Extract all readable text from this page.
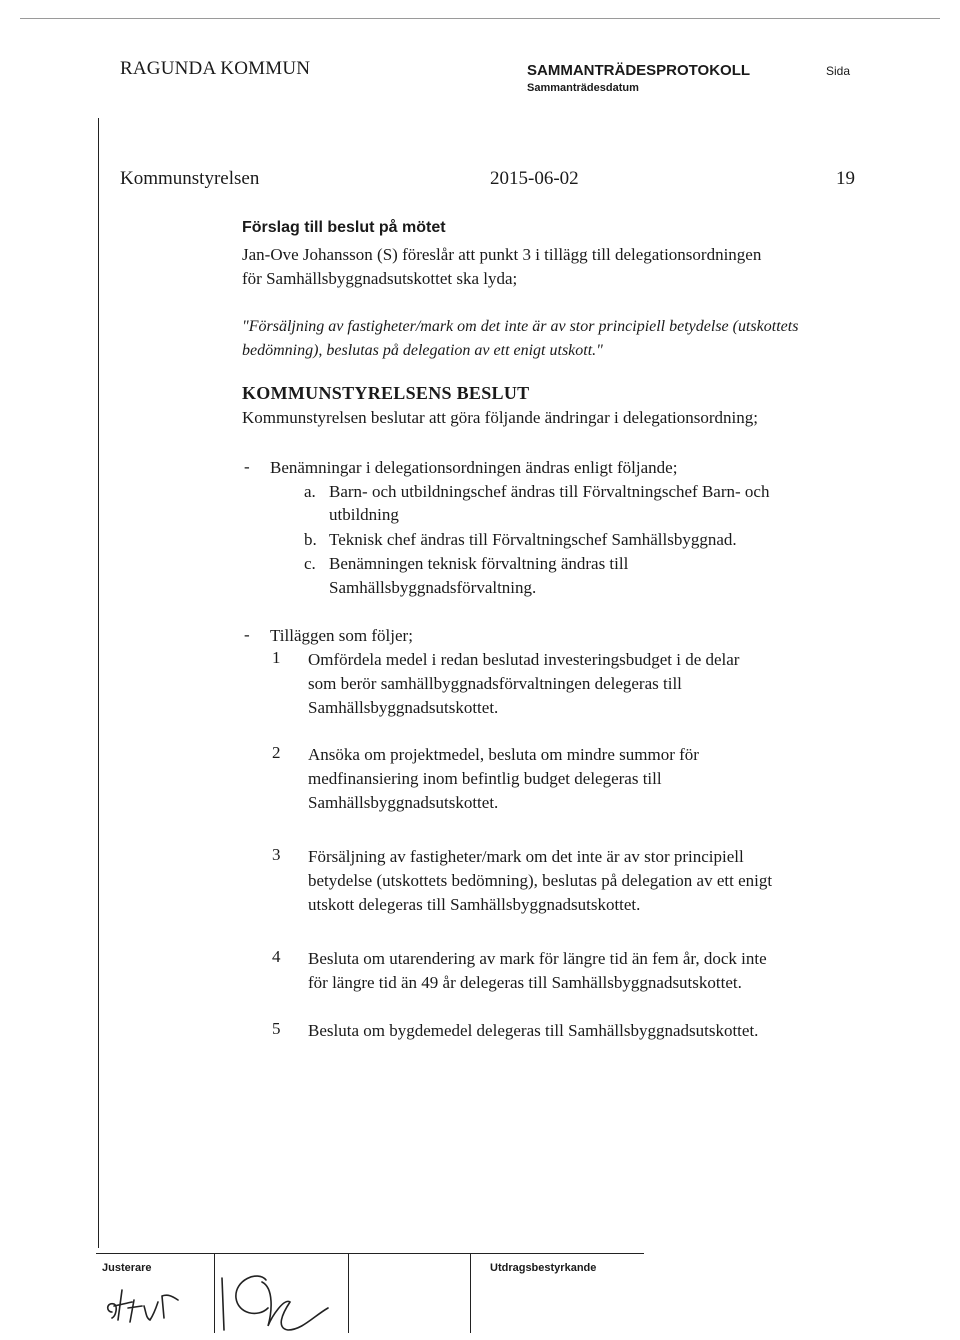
RAGUNDA KOMMUN	SAMMANTRÄDESPROTOKOLL
Sammanträdesdatum
Sida
Kommunstyrelsen	2015-06-02	19
Förslag till beslut på mötet
Jan-Ove Johansson (S) föreslår att punkt 3 i tillägg till delegationsordningen
för Samhällsbyggnadsutskottet ska lyda;
"Försäljning av fastigheter/mark om det inte är av stor principiell betydelse (utskottets
bedömning), beslutas på delegation av ett enigt utskott."
KOMMUNSTYRELSENS BESLUT
Kommunstyrelsen beslutar att göra följande ändringar i delegationsordning;
- Benämningar i delegationsordningen ändras enligt följande;
a. Barn- och utbildningschef ändras till Förvaltningschef Barn- och
utbildning
b. Teknisk chef ändras till Förvaltningschef Samhällsbyggnad.
c. Benämningen teknisk förvaltning ändras till
Samhällsbyggnadsförvaltning.
- Tilläggen som följer;
1 Omfördela medel i redan beslutad investeringsbudget i de delar
som berör samhällbyggnadsförvaltningen delegeras till
Samhällsbyggnadsutskottet.
2 Ansöka om projektmedel, besluta om mindre summor för
medfinansiering inom befintlig budget delegeras till
Samhällsbyggnadsutskottet.
3 Försäljning av fastigheter/mark om det inte är av stor principiell
betydelse (utskottets bedömning), beslutas på delegation av ett enigt
utskott delegeras till Samhällsbyggnadsutskottet.
4 Besluta om utarendering av mark för längre tid än fem år, dock inte
för längre tid än 49 år delegeras till Samhällsbyggnadsutskottet.
5 Besluta om bygdemedel delegeras till Samhällsbyggnadsutskottet.
Justerare	Utdragsbestyrkande
